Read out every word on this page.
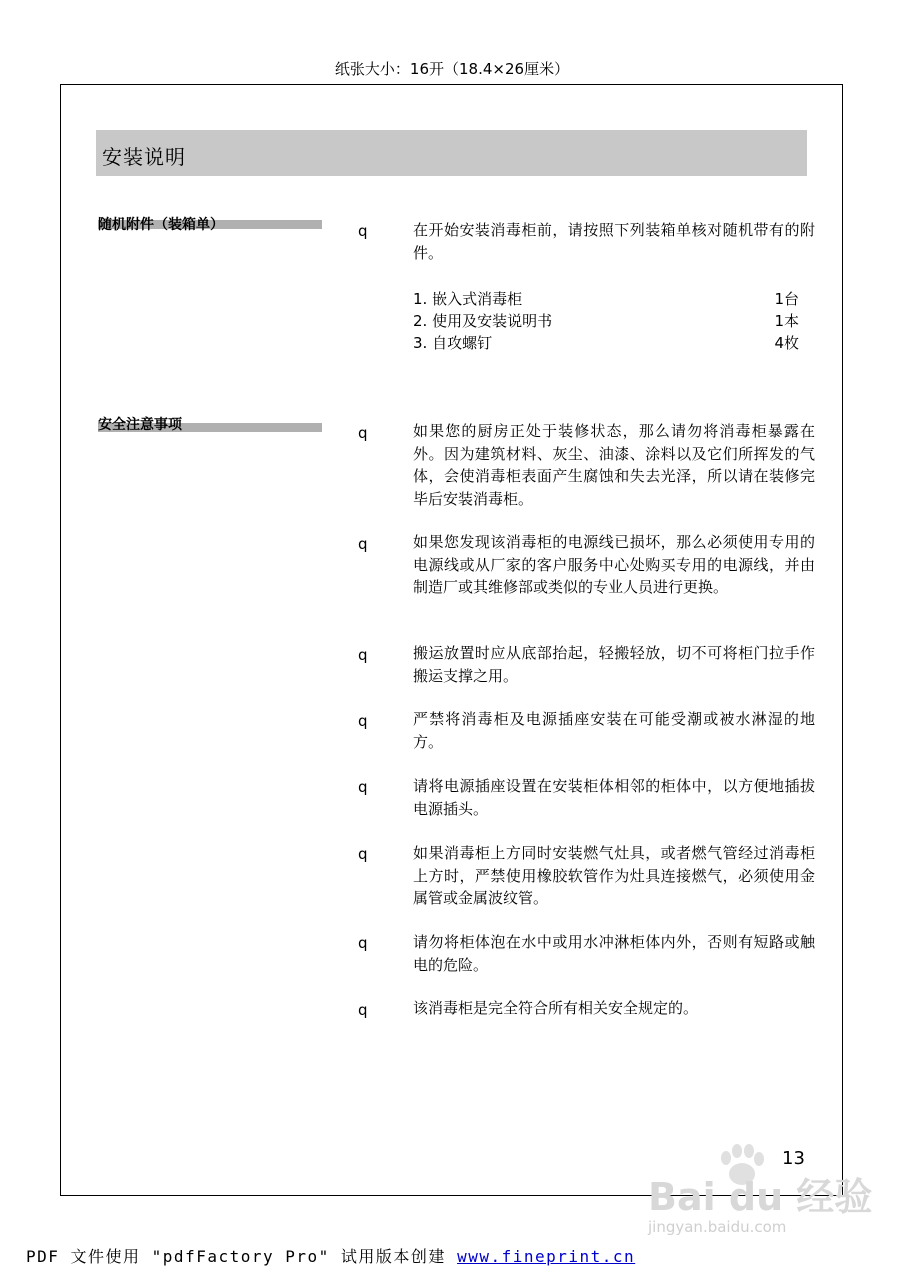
纸张大小：16开（18.4×26厘米）
安装说明
随机附件（装箱单）	q	在开始安装消毒柜前，请按照下列装箱单核对随机带有的附件。
1. 嵌入式消毒柜	1台
2. 使用及安装说明书	1本
3. 自攻螺钉	4枚
安全注意事项	q	如果您的厨房正处于装修状态，那么请勿将消毒柜暴露在外。因为建筑材料、灰尘、油漆、涂料以及它们所挥发的气体，会使消毒柜表面产生腐蚀和失去光泽，所以请在装修完毕后安装消毒柜。
q	如果您发现该消毒柜的电源线已损坏，那么必须使用专用的电源线或从厂家的客户服务中心处购买专用的电源线，并由制造厂或其维修部或类似的专业人员进行更换。
q	搬运放置时应从底部抬起，轻搬轻放，切不可将柜门拉手作搬运支撑之用。
q	严禁将消毒柜及电源插座安装在可能受潮或被水淋湿的地方。
q	请将电源插座设置在安装柜体相邻的柜体中，以方便地插拔电源插头。
q	如果消毒柜上方同时安装燃气灶具，或者燃气管经过消毒柜上方时，严禁使用橡胶软管作为灶具连接燃气，必须使用金属管或金属波纹管。
q	请勿将柜体泡在水中或用水冲淋柜体内外，否则有短路或触电的危险。
q	该消毒柜是完全符合所有相关安全规定的。
13
Bai du 经验
jingyan.baidu.com
PDF 文件使用 "pdfFactory Pro" 试用版本创建 www.fineprint.cn
